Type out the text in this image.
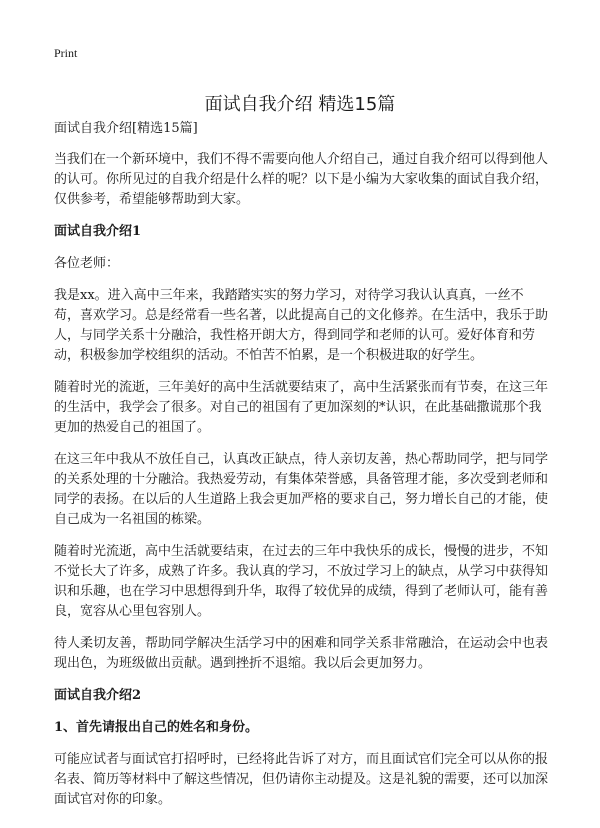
Print
面试自我介绍 精选15篇

面试自我介绍[精选15篇]

当我们在一个新环境中，我们不得不需要向他人介绍自己，通过自我介绍可以得到他人的认可。你所见过的自我介绍是什么样的呢？以下是小编为大家收集的面试自我介绍，仅供参考，希望能够帮助到大家。

面试自我介绍1

各位老师：

我是xx。进入高中三年来，我踏踏实实的努力学习，对待学习我认认真真，一丝不苟，喜欢学习。总是经常看一些名著，以此提高自己的文化修养。在生活中，我乐于助人，与同学关系十分融洽，我性格开朗大方，得到同学和老师的认可。爱好体育和劳动，积极参加学校组织的活动。不怕苦不怕累，是一个积极进取的好学生。

随着时光的流逝，三年美好的高中生活就要结束了，高中生活紧张而有节奏，在这三年的生活中，我学会了很多。对自己的祖国有了更加深刻的*认识，在此基础撒谎那个我更加的热爱自己的祖国了。

在这三年中我从不放任自己，认真改正缺点，待人亲切友善，热心帮助同学，把与同学的关系处理的十分融洽。我热爱劳动，有集体荣誉感，具备管理才能，多次受到老师和同学的表扬。在以后的人生道路上我会更加严格的要求自己，努力增长自己的才能，使自己成为一名祖国的栋梁。

随着时光流逝，高中生活就要结束，在过去的三年中我快乐的成长，慢慢的进步，不知不觉长大了许多，成熟了许多。我认真的学习，不放过学习上的缺点，从学习中获得知识和乐趣，也在学习中思想得到升华，取得了较优异的成绩，得到了老师认可，能有善良，宽容从心里包容别人。

待人柔切友善，帮助同学解决生活学习中的困难和同学关系非常融洽，在运动会中也表现出色，为班级做出贡献。遇到挫折不退缩。我以后会更加努力。

面试自我介绍2

1、首先请报出自己的姓名和身份。

可能应试者与面试官打招呼时，已经将此告诉了对方，而且面试官们完全可以从你的报名表、简历等材料中了解这些情况，但仍请你主动提及。这是礼貌的需要，还可以加深面试官对你的印象。
